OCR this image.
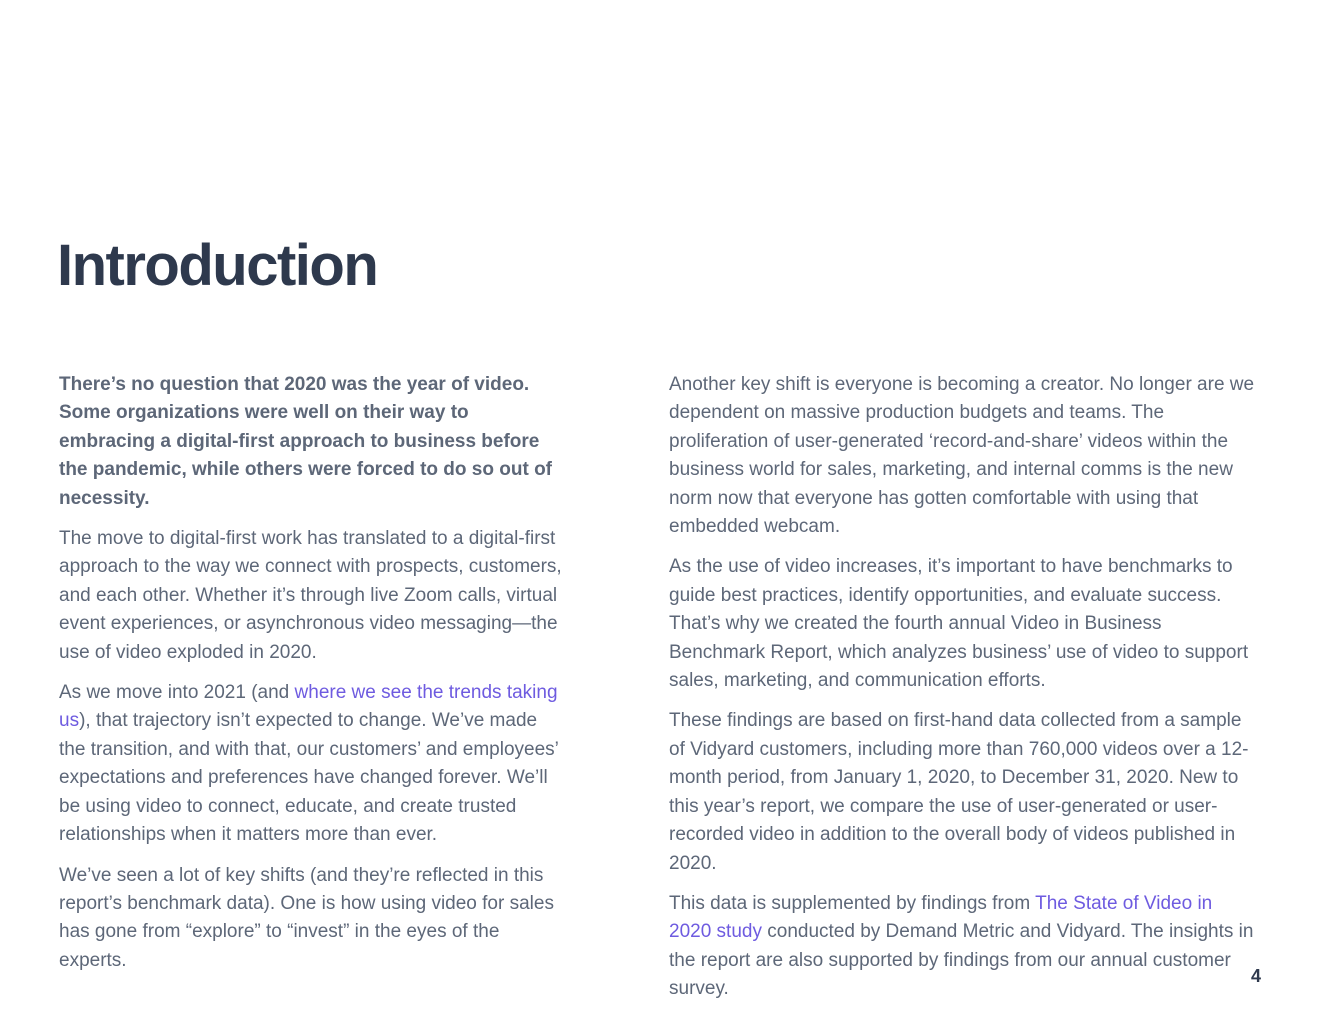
Introduction

There’s no question that 2020 was the year of video. Some organizations were well on their way to embracing a digital-first approach to business before the pandemic, while others were forced to do so out of necessity.

The move to digital-first work has translated to a digital-first approach to the way we connect with prospects, customers, and each other. Whether it’s through live Zoom calls, virtual event experiences, or asynchronous video messaging—the use of video exploded in 2020.

As we move into 2021 (and where we see the trends taking us), that trajectory isn’t expected to change. We’ve made the transition, and with that, our customers’ and employees’ expectations and preferences have changed forever. We’ll be using video to connect, educate, and create trusted relationships when it matters more than ever.

We’ve seen a lot of key shifts (and they’re reflected in this report’s benchmark data). One is how using video for sales has gone from “explore” to “invest” in the eyes of the experts.

Another key shift is everyone is becoming a creator. No longer are we dependent on massive production budgets and teams. The proliferation of user-generated ‘record-and-share’ videos within the business world for sales, marketing, and internal comms is the new norm now that everyone has gotten comfortable with using that embedded webcam.

As the use of video increases, it’s important to have benchmarks to guide best practices, identify opportunities, and evaluate success. That’s why we created the fourth annual Video in Business Benchmark Report, which analyzes business’ use of video to support sales, marketing, and communication efforts.

These findings are based on first-hand data collected from a sample of Vidyard customers, including more than 760,000 videos over a 12-month period, from January 1, 2020, to December 31, 2020. New to this year’s report, we compare the use of user-generated or user-recorded video in addition to the overall body of videos published in 2020.

This data is supplemented by findings from The State of Video in 2020 study conducted by Demand Metric and Vidyard. The insights in the report are also supported by findings from our annual customer survey.

4
